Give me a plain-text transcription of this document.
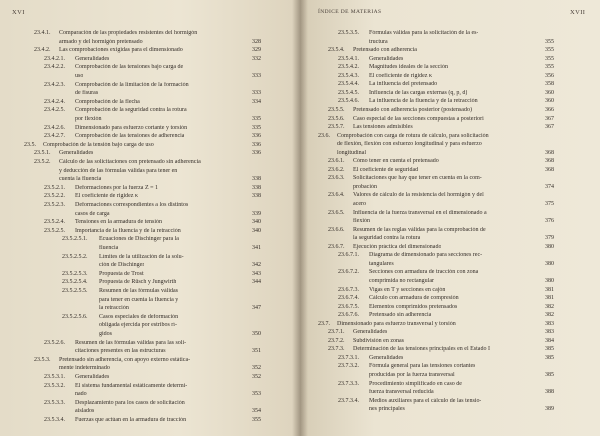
XVI
23.4.1. Comparación de las propiedades resistentes del hormigón
armado y del hormigón pretensado	328
23.4.2. Las comprobaciones exigidas para el dimensionado	329
23.4.2.1. Generalidades	332
23.4.2.2. Comprobación de las tensiones bajo carga de
uso	333
23.4.2.3. Comprobación de la limitación de la formación
de fisuras	333
23.4.2.4. Comprobación de la flecha	334
23.4.2.5. Comprobación de la seguridad contra la rotura
por flexión	335
23.4.2.6. Dimensionado para esfuerzo cortante y torsión	335
23.4.2.7. Comprobación de las tensiones de adherencia	336
23.5. Comprobación de la tensión bajo carga de uso	336
23.5.1. Generalidades	336
23.5.2. Cálculo de las solicitaciones con pretensado sin adherencia
y deducción de las fórmulas válidas para tener en
cuenta la fluencia	338
23.5.2.1. Deformaciones por la fuerza Z = 1	338
23.5.2.2. El coeficiente de rigidez κ	338
23.5.2.3. Deformaciones correspondientes a los distintos
casos de carga	339
23.5.2.4. Tensiones en la armadura de tensión	340
23.5.2.5. Importancia de la fluencia y de la retracción	340
23.5.2.5.1. Ecuaciones de Dischinger para la
fluencia	341
23.5.2.5.2. Límites de la utilización de la solu-
ción de Dischinger	342
23.5.2.5.3. Propuesta de Trost	343
23.5.2.5.4. Propuesta de Rüsch y Jungwirth	344
23.5.2.5.5. Resumen de las fórmulas válidas
para tener en cuenta la fluencia y
la retracción	347
23.5.2.5.6. Casos especiales de deformación
obligada ejercida por estribos rí-
gidos	350
23.5.2.6. Resumen de las fórmulas válidas para las soli-
citaciones presentes en las estructuras	351
23.5.3. Pretensado sin adherencia, con apoyo externo estática-
mente indeterminado	352
23.5.3.1. Generalidades	352
23.5.3.2. El sistema fundamental estáticamente determi-
nado	353
23.5.3.3. Desplazamiento para los casos de solicitación
aislados	354
23.5.3.4. Fuerzas que actúan en la armadura de tracción	355
ÍNDICE DE MATERIAS	XVII
23.5.3.5. Fórmulas válidas para la solicitación de la es-
tructura	355
23.5.4. Pretensado con adherencia	355
23.5.4.1. Generalidades	355
23.5.4.2. Magnitudes ideales de la sección	355
23.5.4.3. El coeficiente de rigidez κ	356
23.5.4.4. La influencia del pretensado	358
23.5.4.5. Influencia de las cargas externas (q, p, d)	360
23.5.4.6. La influencia de la fluencia y de la retracción	360
23.5.5. Pretensado con adherencia posterior (postensado)	366
23.5.6. Caso especial de las secciones compuestas a posteriori	367
23.5.7. Las tensiones admisibles	367
23.6. Comprobación con carga de rotura de cálculo, para solicitación
de flexión, flexión con esfuerzo longitudinal y para esfuerzo
longitudinal	368
23.6.1. Cómo tener en cuenta el pretensado	368
23.6.2. El coeficiente de seguridad	368
23.6.3. Solicitaciones que hay que tener en cuenta en la com-
probación	374
23.6.4. Valores de cálculo de la resistencia del hormigón y del
acero	375
23.6.5. Influencia de la fuerza transversal en el dimensionado a
flexión	376
23.6.6. Resumen de las reglas válidas para la comprobación de
la seguridad contra la rotura	379
23.6.7. Ejecución práctica del dimensionado	380
23.6.7.1. Diagrama de dimensionado para secciones rec-
tangulares	380
23.6.7.2. Secciones con armadura de tracción con zona
comprimida no rectangular	380
23.6.7.3. Vigas en T y secciones en cajón	381
23.6.7.4. Cálculo con armadura de compresión	381
23.6.7.5. Elementos comprimidos pretensados	382
23.6.7.6. Pretensado sin adherencia	382
23.7. Dimensionado para esfuerzo transversal y torsión	383
23.7.1. Generalidades	383
23.7.2. Subdivisión en zonas	384
23.7.3. Determinación de las tensiones principales en el Estado I	385
23.7.3.1. Generalidades	385
23.7.3.2. Fórmula general para las tensiones cortantes
producidas por la fuerza transversal	385
23.7.3.3. Procedimiento simplificado en caso de
fuerza transversal reducida	388
23.7.3.4. Medios auxiliares para el cálculo de las tensio-
nes principales	389
